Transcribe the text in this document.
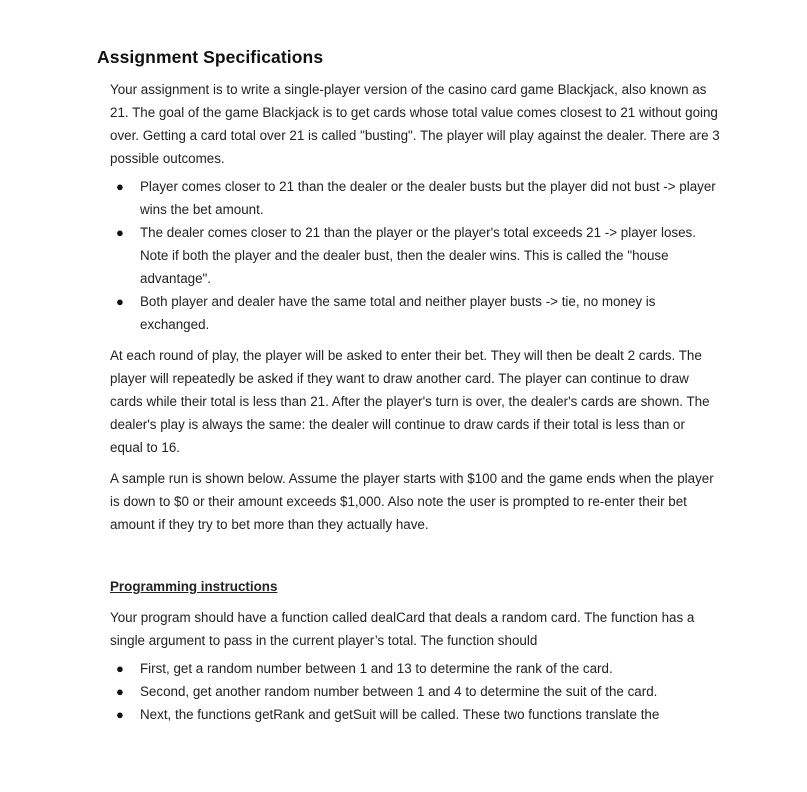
Assignment Specifications

Your assignment is to write a single-player version of the casino card game Blackjack, also known as 21. The goal of the game Blackjack is to get cards whose total value comes closest to 21 without going over. Getting a card total over 21 is called "busting". The player will play against the dealer. There are 3 possible outcomes.

● Player comes closer to 21 than the dealer or the dealer busts but the player did not bust -> player wins the bet amount.
● The dealer comes closer to 21 than the player or the player's total exceeds 21 -> player loses. Note if both the player and the dealer bust, then the dealer wins. This is called the "house advantage".
● Both player and dealer have the same total and neither player busts -> tie, no money is exchanged.

At each round of play, the player will be asked to enter their bet. They will then be dealt 2 cards. The player will repeatedly be asked if they want to draw another card. The player can continue to draw cards while their total is less than 21. After the player's turn is over, the dealer's cards are shown. The dealer's play is always the same: the dealer will continue to draw cards if their total is less than or equal to 16.

A sample run is shown below. Assume the player starts with $100 and the game ends when the player is down to $0 or their amount exceeds $1,000. Also note the user is prompted to re-enter their bet amount if they try to bet more than they actually have.

Programming instructions

Your program should have a function called dealCard that deals a random card. The function has a single argument to pass in the current player’s total. The function should

● First, get a random number between 1 and 13 to determine the rank of the card.
● Second, get another random number between 1 and 4 to determine the suit of the card.
● Next, the functions getRank and getSuit will be called. These two functions translate the
